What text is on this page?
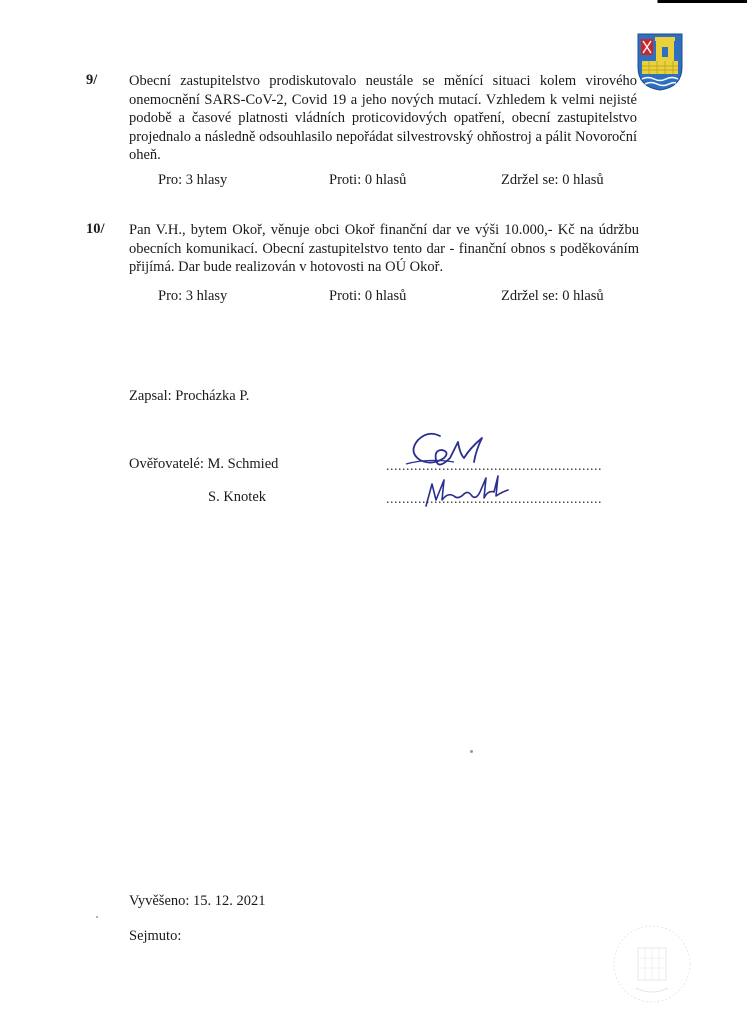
9/ Obecní zastupitelstvo prodiskutovalo neustále se měnící situaci kolem virového onemocnění SARS-CoV-2, Covid 19 a jeho nových mutací. Vzhledem k velmi nejisté podobě a časové platnosti vládních proticovidových opatření, obecní zastupitelstvo projednalo a následně odsouhlasilo nepořádat silvestrovský ohňostroj a pálit Novoroční oheň.
Pro: 3 hlasy	Proti: 0 hlasů	Zdržel se: 0 hlasů
10/ Pan V.H., bytem Okoř, věnuje obci Okoř finanční dar ve výši 10.000,- Kč na údržbu obecních komunikací. Obecní zastupitelstvo tento dar - finanční obnos s poděkováním přijímá. Dar bude realizován v hotovosti na OÚ Okoř.
Pro: 3 hlasy	Proti: 0 hlasů	Zdržel se: 0 hlasů
Zapsal: Procházka P.
Ověřovatelé: M. Schmied
S. Knotek
......................................................
......................................................
Vyvěšeno: 15. 12. 2021
Sejmuto:
